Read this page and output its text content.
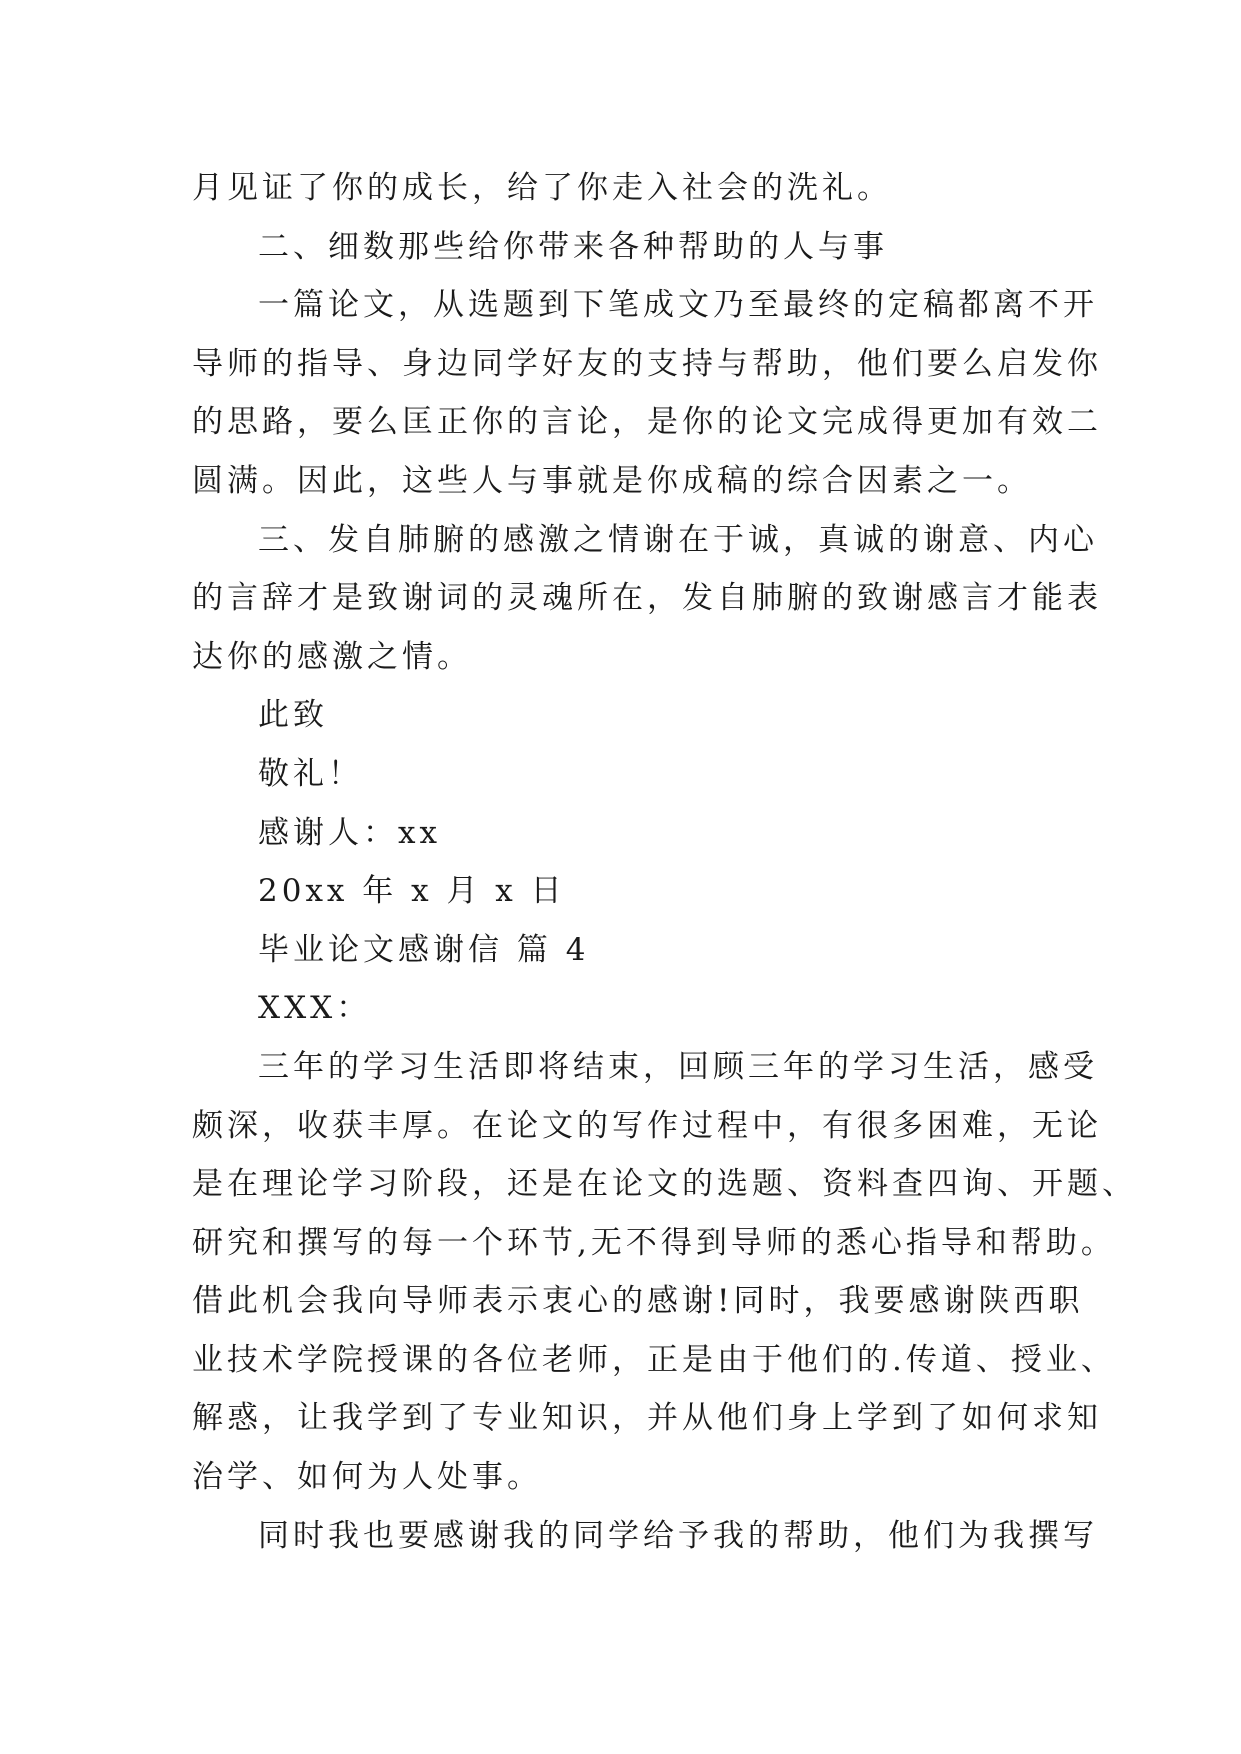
月见证了你的成长，给了你走入社会的洗礼。
二、细数那些给你带来各种帮助的人与事
一篇论文，从选题到下笔成文乃至最终的定稿都离不开
导师的指导、身边同学好友的支持与帮助，他们要么启发你
的思路，要么匡正你的言论，是你的论文完成得更加有效二
圆满。因此，这些人与事就是你成稿的综合因素之一。
三、发自肺腑的感激之情谢在于诚，真诚的谢意、内心
的言辞才是致谢词的灵魂所在，发自肺腑的致谢感言才能表
达你的感激之情。
此致
敬礼！
感谢人：xx
20xx 年 x 月 x 日
毕业论文感谢信 篇 4
XXX：
三年的学习生活即将结束，回顾三年的学习生活，感受
颇深，收获丰厚。在论文的写作过程中，有很多困难，无论
是在理论学习阶段，还是在论文的选题、资料查四询、开题、
研究和撰写的每一个环节,无不得到导师的悉心指导和帮助。
借此机会我向导师表示衷心的感谢!同时，我要感谢陕西职
业技术学院授课的各位老师，正是由于他们的.传道、授业、
解惑，让我学到了专业知识，并从他们身上学到了如何求知
治学、如何为人处事。
同时我也要感谢我的同学给予我的帮助，他们为我撰写
